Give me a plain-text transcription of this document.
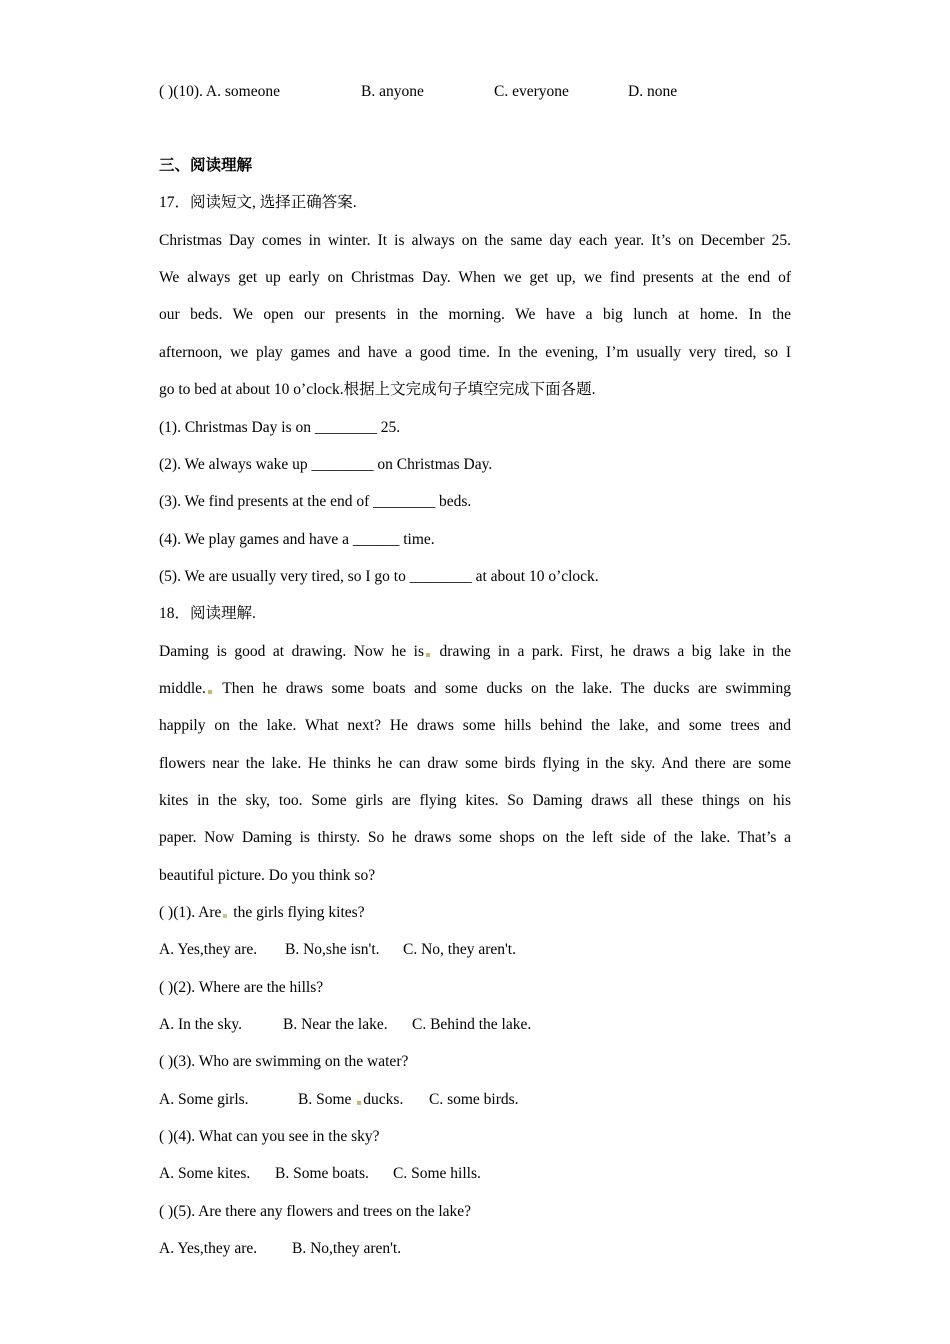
( )(10). A. someone	B. anyone	C. everyone	D. none
三、阅读理解
17．阅读短文, 选择正确答案.
Christmas Day comes in winter. It is always on the same day each year. It’s on December 25.
We always get up early on Christmas Day. When we get up, we find presents at the end of
our beds. We open our presents in the morning. We have a big lunch at home. In the
afternoon, we play games and have a good time. In the evening, I’m usually very tired, so I
go to bed at about 10 o’clock.根据上文完成句子填空完成下面各题.
(1). Christmas Day is on ________ 25.
(2). We always wake up ________ on Christmas Day.
(3). We find presents at the end of ________ beds.
(4). We play games and have a ______ time.
(5). We are usually very tired, so I go to ________ at about 10 o’clock.
18．阅读理解.
Daming is good at drawing. Now he is drawing in a park. First, he draws a big lake in the
middle. Then he draws some boats and some ducks on the lake. The ducks are swimming
happily on the lake. What next? He draws some hills behind the lake, and some trees and
flowers near the lake. He thinks he can draw some birds flying in the sky. And there are some
kites in the sky, too. Some girls are flying kites. So Daming draws all these things on his
paper. Now Daming is thirsty. So he draws some shops on the left side of the lake. That’s a
beautiful picture. Do you think so?
( )(1). Are the girls flying kites?
A. Yes,they are. B. No,she isn't. C. No, they aren't.
( )(2). Where are the hills?
A. In the sky.	B. Near the lake. C. Behind the lake.
( )(3). Who are swimming on the water?
A. Some girls.	B. Some ducks. C. some birds.
( )(4). What can you see in the sky?
A. Some kites. B. Some boats. C. Some hills.
( )(5). Are there any flowers and trees on the lake?
A. Yes,they are. B. No,they aren't.
